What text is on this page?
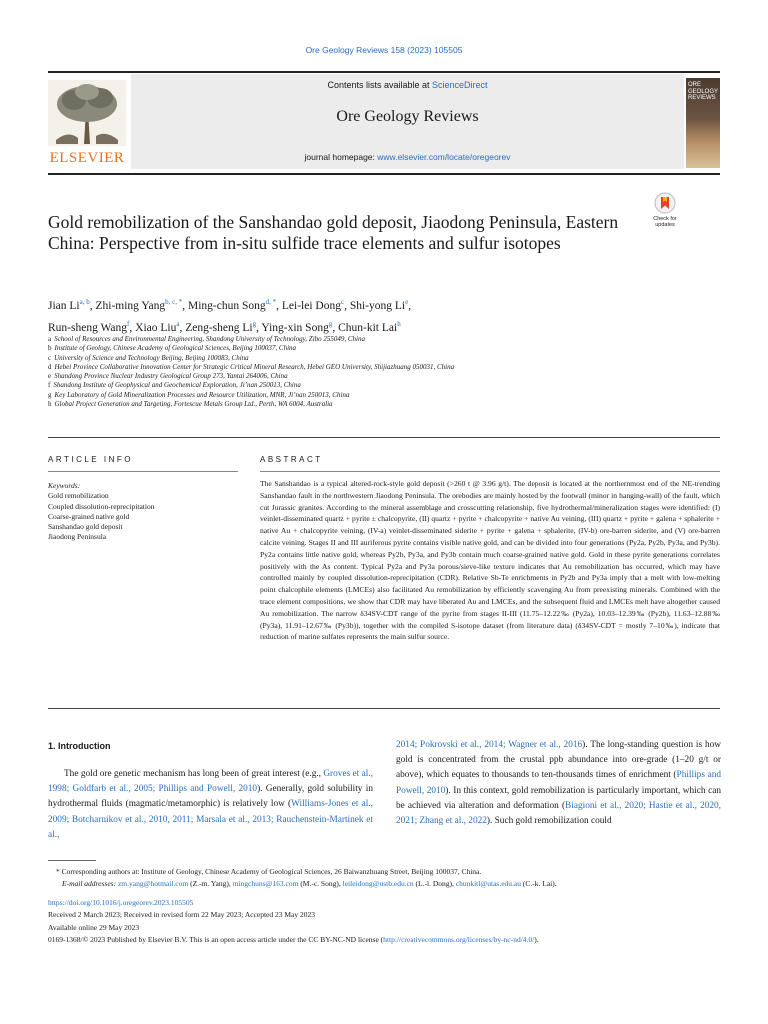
Ore Geology Reviews 158 (2023) 105505
ELSEVIER
Contents lists available at ScienceDirect
Ore Geology Reviews
journal homepage: www.elsevier.com/locate/oregeorev
ORE GEOLOGY REVIEWS
Check for updates
Gold remobilization of the Sanshandao gold deposit, Jiaodong Peninsula, Eastern China: Perspective from in-situ sulfide trace elements and sulfur isotopes
Jian Li$^{a, b}$, Zhi-ming Yang$^{b, c, *}$, Ming-chun Song$^{d, *}$, Lei-lei Dong$^c$, Shi-yong Li$^e$,
Run-sheng Wang$^f$, Xiao Liu$^a$, Zeng-sheng Li$^g$, Ying-xin Song$^g$, Chun-kit Lai$^h$
a School of Resources and Environmental Engineering, Shandong University of Technology, Zibo 255049, China
b Institute of Geology, Chinese Academy of Geological Sciences, Beijing 100037, China
c University of Science and Technology Beijing, Beijing 100083, China
d Hebei Province Collaborative Innovation Center for Strategic Critical Mineral Research, Hebei GEO University, Shijiazhuang 050031, China
e Shandong Province Nuclear Industry Geological Group 273, Yantai 264006, China
f Shandong Institute of Geophysical and Geochemical Exploration, Ji’nan 250013, China
g Key Laboratory of Gold Mineralization Processes and Resource Utilization, MNR, Ji’nan 250013, China
h Global Project Generation and Targeting, Fortescue Metals Group Ltd., Perth, WA 6004, Australia
ARTICLE INFO
Keywords:
Gold remobilization
Coupled dissolution-reprecipitation
Coarse-grained native gold
Sanshandao gold deposit
Jiaodong Peninsula
ABSTRACT
The Sanshandao is a typical altered-rock-style gold deposit (>260 t @ 3.96 g/t). The deposit is located at the northernmost end of the NE-trending Sanshandao fault in the northwestern Jiaodong Peninsula. The orebodies are mainly hosted by the footwall (minor in hanging-wall) of the fault, which cut Jurassic granites. According to the mineral assemblage and crosscutting relationship, five hydrothermal/mineralization stages were identified: (I) veinlet-disseminated quartz + pyrite ± chalcopyrite, (II) quartz + pyrite + chalcopyrite + native Au veining, (III) quartz + pyrite + galena + sphalerite + native Au + chalcopyrite veining, (IV-a) veinlet-disseminated siderite + pyrite + galena + sphalerite, (IV-b) ore-barren siderite, and (V) ore-barren calcite veining. Stages II and III auriferous pyrite contains visible native gold, and can be divided into four generations (Py2a, Py2b, Py3a, and Py3b). Py2a contains little native gold, whereas Py2b, Py3a, and Py3b contain much coarse-grained native gold. Gold in these pyrite generations correlates positively with the As content. Typical Py2a and Py3a porous/sieve-like texture indicates that Au remobilization has occurred, which may have controlled mainly by coupled dissolution-reprecipitation (CDR). Relative Sb-Te enrichments in Py2b and Py3a imply that a melt with low-melting point chalcophile elements (LMCEs) also facilitated Au remobilization by efficiently scavenging Au from preexisting minerals. Combined with the trace element compositions, we show that CDR may have liberated Au and LMCEs, and the subsequent fluid and LMCEs melt have altogether caused Au remobilization. The narrow δ34SV-CDT range of the pyrite from stages II-III (11.75–12.22‰ (Py2a), 10.03–12.39‰ (Py2b), 11.63–12.88‰ (Py3a), 11.91–12.67‰ (Py3b)), together with the compiled S-isotope dataset (from literature data) (δ34SV-CDT = mostly 7–10‰), indicate that reduction of marine sulfates represents the main sulfur source.
1. Introduction
The gold ore genetic mechanism has long been of great interest (e.g., Groves et al., 1998; Goldfarb et al., 2005; Phillips and Powell, 2010). Generally, gold solubility in hydrothermal fluids (magmatic/metamorphic) is relatively low (Williams-Jones et al., 2009; Botcharnikov et al., 2010, 2011; Marsala et al., 2013; Rauchenstein-Martinek et al.,
2014; Pokrovski et al., 2014; Wagner et al., 2016). The long-standing question is how gold is concentrated from the crustal ppb abundance into ore-grade (1–20 g/t or above), which equates to thousands to ten-thousands times of enrichment (Phillips and Powell, 2010). In this context, gold remobilization is particularly important, which can be achieved via alteration and deformation (Biagioni et al., 2020; Hastie et al., 2020, 2021; Zhang et al., 2022). Such gold remobilization could
* Corresponding authors at: Institute of Geology, Chinese Academy of Geological Sciences, 26 Baiwanzhuang Street, Beijing 100037, China.
E-mail addresses: zm.yang@hotmail.com (Z.-m. Yang), mingchuns@163.com (M.-c. Song), leileidong@ustb.edu.cn (L.-l. Dong), chunkitl@utas.edu.au (C.-k. Lai).
https://doi.org/10.1016/j.oregeorev.2023.105505
Received 2 March 2023; Received in revised form 22 May 2023; Accepted 23 May 2023
Available online 29 May 2023
0169-1368/© 2023 Published by Elsevier B.V. This is an open access article under the CC BY-NC-ND license (http://creativecommons.org/licenses/by-nc-nd/4.0/).
